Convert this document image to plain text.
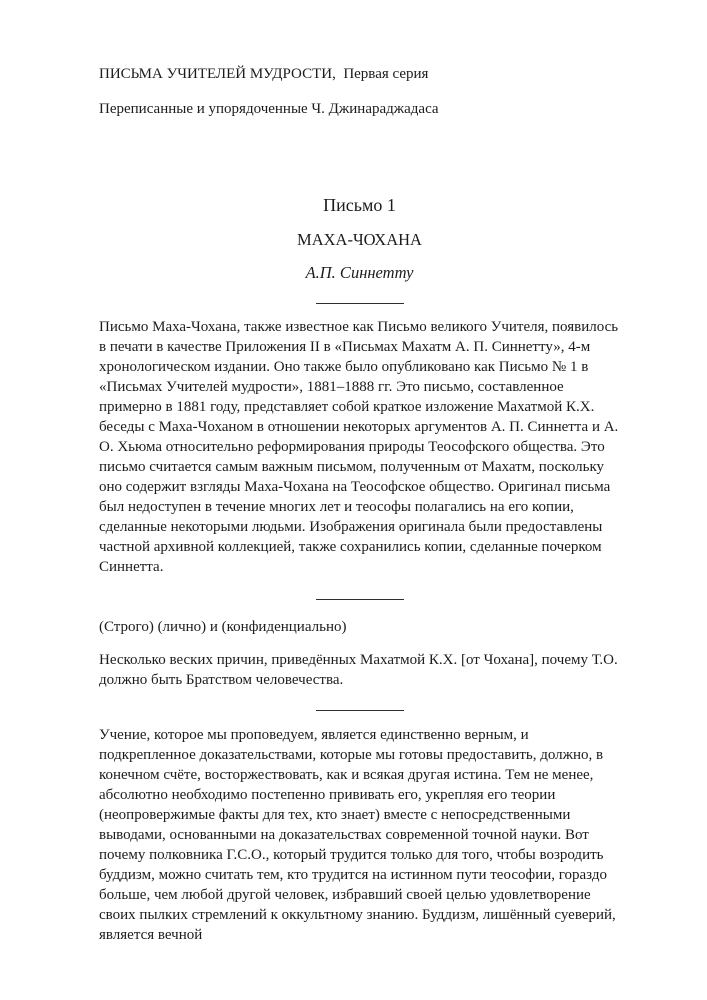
ПИСЬМА УЧИТЕЛЕЙ МУДРОСТИ,  Первая серия

Переписанные и упорядоченные Ч. Джинараджадаса

Письмо 1
МАХА-ЧОХАНА

А.П. Синнетту

Письмо Маха-Чохана, также известное как Письмо великого Учителя, появилось в печати в качестве Приложения II в «Письмах Махатм А. П. Синнетту», 4-м хронологическом издании. Оно также было опубликовано как Письмо № 1 в «Письмах Учителей мудрости», 1881–1888 гг. Это письмо, составленное примерно в 1881 году, представляет собой краткое изложение Махатмой К.Х. беседы с Маха-Чоханом в отношении некоторых аргументов А. П. Синнетта и А. О. Хьюма относительно реформирования природы Теософского общества. Это письмо считается самым важным письмом, полученным от Махатм, поскольку оно содержит взгляды Маха-Чохана на Теософское общество. Оригинал письма был недоступен в течение многих лет и теософы полагались на его копии, сделанные некоторыми людьми. Изображения оригинала были предоставлены частной архивной коллекцией, также сохранились копии, сделанные почерком Синнетта.

(Строго) (лично) и (конфиденциально)

Несколько веских причин, приведённых Махатмой К.Х. [от Чохана], почему Т.О. должно быть Братством человечества.

Учение, которое мы проповедуем, является единственно верным, и подкрепленное доказательствами, которые мы готовы предоставить, должно, в конечном счёте, восторжествовать, как и всякая другая истина. Тем не менее, абсолютно необходимо постепенно прививать его, укрепляя его теории (неопровержимые факты для тех, кто знает) вместе с непосредственными выводами, основанными на доказательствах современной точной науки. Вот почему полковника Г.С.О., который трудится только для того, чтобы возродить буддизм, можно считать тем, кто трудится на истинном пути теософии, гораздо больше, чем любой другой человек, избравший своей целью удовлетворение своих пылких стремлений к оккультному знанию. Буддизм, лишённый суеверий, является вечной
